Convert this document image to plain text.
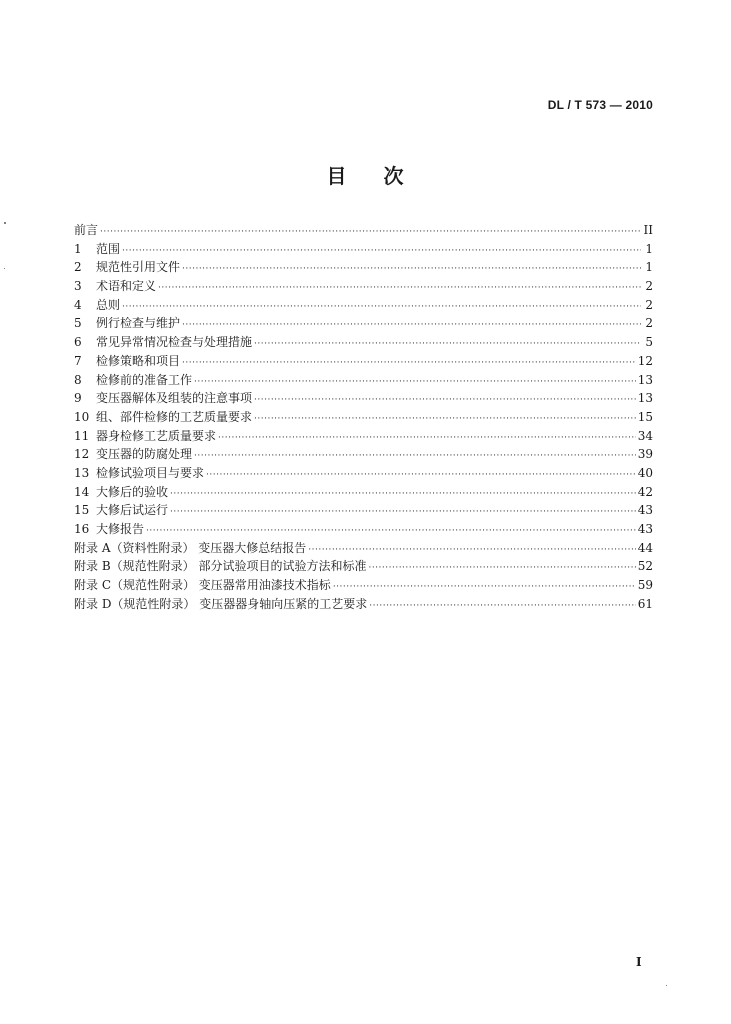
DL / T 573 — 2010
目 次
前言 ·····	II
1	范围 ·····	1
2	规范性引用文件 ·····	1
3	术语和定义 ·····	2
4	总则 ·····	2
5	例行检查与维护 ·····	2
6	常见异常情况检查与处理措施 ·····	5
7	检修策略和项目 ·····	12
8	检修前的准备工作 ·····	13
9	变压器解体及组装的注意事项 ·····	13
10 组、部件检修的工艺质量要求 ·····	15
11 器身检修工艺质量要求 ·····	34
12 变压器的防腐处理 ·····	39
13 检修试验项目与要求 ·····	40
14 大修后的验收 ·····	42
15 大修后试运行 ·····	43
16 大修报告 ·····	43
附录 A（资料性附录） 变压器大修总结报告 ·····	44
附录 B（规范性附录） 部分试验项目的试验方法和标准 ·····	52
附录 C（规范性附录） 变压器常用油漆技术指标 ·····	59
附录 D（规范性附录） 变压器器身轴向压紧的工艺要求 ·····	61
I
